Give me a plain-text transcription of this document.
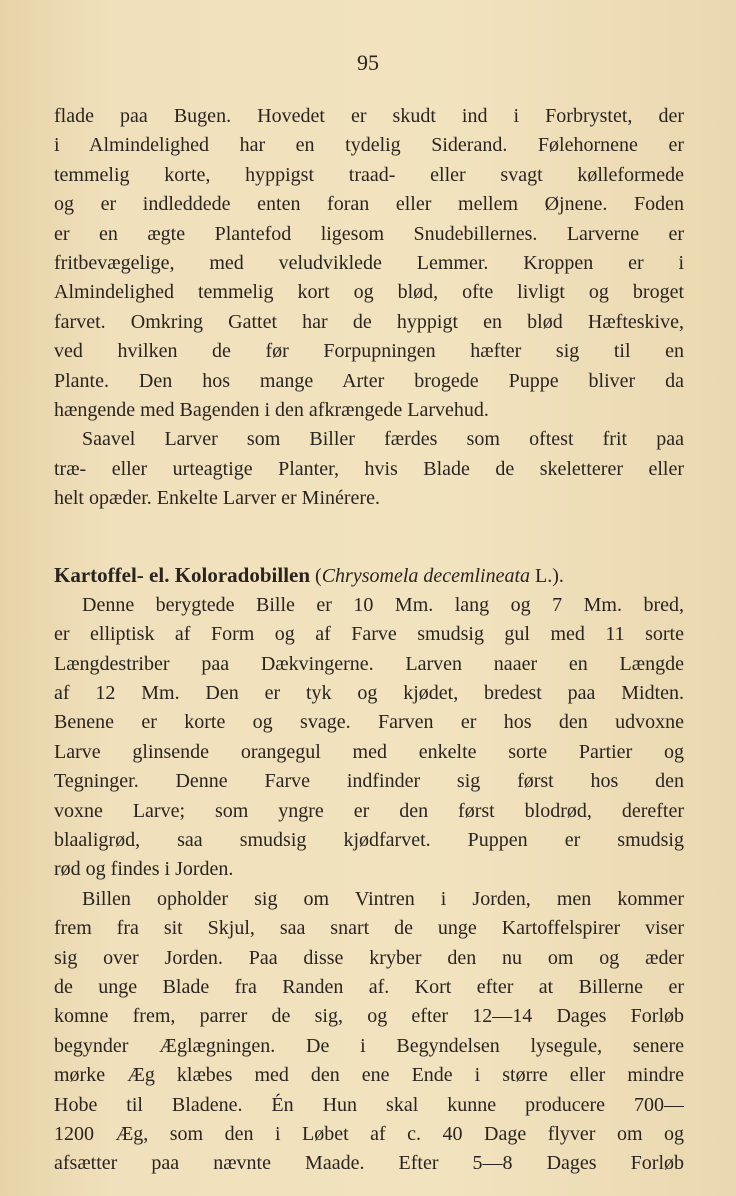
95
flade paa Bugen. Hovedet er skudt ind i Forbrystet, der
i Almindelighed har en tydelig Siderand. Følehornene er
temmelig korte, hyppigst traad- eller svagt kølleformede
og er indleddede enten foran eller mellem Øjnene. Foden
er en ægte Plantefod ligesom Snudebillernes. Larverne er
fritbevægelige, med veludviklede Lemmer. Kroppen er i
Almindelighed temmelig kort og blød, ofte livligt og broget
farvet. Omkring Gattet har de hyppigt en blød Hæfteskive,
ved hvilken de før Forpupningen hæfter sig til en
Plante. Den hos mange Arter brogede Puppe bliver da
hængende med Bagenden i den afkrængede Larvehud.
Saavel Larver som Biller færdes som oftest frit paa
træ- eller urteagtige Planter, hvis Blade de skeletterer eller
helt opæder. Enkelte Larver er Minérere.
Kartoffel- el. Koloradobillen (Chrysomela decemlineata L.).
Denne berygtede Bille er 10 Mm. lang og 7 Mm. bred,
er elliptisk af Form og af Farve smudsig gul med 11 sorte
Længdestriber paa Dækvingerne. Larven naaer en Længde
af 12 Mm. Den er tyk og kjødet, bredest paa Midten.
Benene er korte og svage. Farven er hos den udvoxne
Larve glinsende orangegul med enkelte sorte Partier og
Tegninger. Denne Farve indfinder sig først hos den
voxne Larve; som yngre er den først blodrød, derefter
blaaligrød, saa smudsig kjødfarvet. Puppen er smudsig
rød og findes i Jorden.
Billen opholder sig om Vintren i Jorden, men kommer
frem fra sit Skjul, saa snart de unge Kartoffelspirer viser
sig over Jorden. Paa disse kryber den nu om og æder
de unge Blade fra Randen af. Kort efter at Billerne er
komne frem, parrer de sig, og efter 12—14 Dages Forløb
begynder Æglægningen. De i Begyndelsen lysegule, senere
mørke Æg klæbes med den ene Ende i større eller mindre
Hobe til Bladene. Én Hun skal kunne producere 700—
1200 Æg, som den i Løbet af c. 40 Dage flyver om og
afsætter paa nævnte Maade. Efter 5—8 Dages Forløb
